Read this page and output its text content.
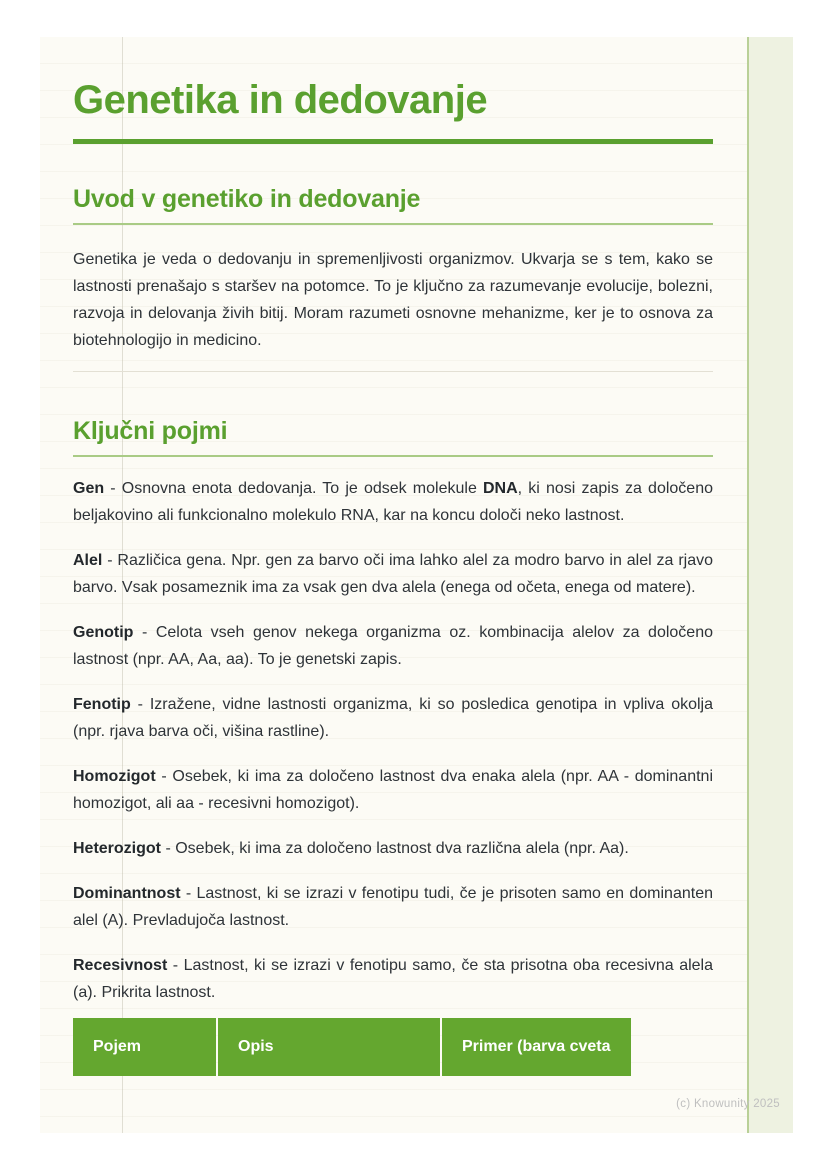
Genetika in dedovanje
Uvod v genetiko in dedovanje

Genetika je veda o dedovanju in spremenljivosti organizmov. Ukvarja se s tem, kako se lastnosti prenašajo s staršev na potomce. To je ključno za razumevanje evolucije, bolezni, razvoja in delovanja živih bitij. Moram razumeti osnovne mehanizme, ker je to osnova za biotehnologijo in medicino.

Ključni pojmi

Gen - Osnovna enota dedovanja. To je odsek molekule DNA, ki nosi zapis za določeno beljakovino ali funkcionalno molekulo RNA, kar na koncu določi neko lastnost.

Alel - Različica gena. Npr. gen za barvo oči ima lahko alel za modro barvo in alel za rjavo barvo. Vsak posameznik ima za vsak gen dva alela (enega od očeta, enega od matere).

Genotip - Celota vseh genov nekega organizma oz. kombinacija alelov za določeno lastnost (npr. AA, Aa, aa). To je genetski zapis.

Fenotip - Izražene, vidne lastnosti organizma, ki so posledica genotipa in vpliva okolja (npr. rjava barva oči, višina rastline).

Homozigot - Osebek, ki ima za določeno lastnost dva enaka alela (npr. AA - dominantni homozigot, ali aa - recesivni homozigot).

Heterozigot - Osebek, ki ima za določeno lastnost dva različna alela (npr. Aa).

Dominantnost - Lastnost, ki se izrazi v fenotipu tudi, če je prisoten samo en dominanten alel (A). Prevladujoča lastnost.

Recesivnost - Lastnost, ki se izrazi v fenotipu samo, če sta prisotna oba recesivna alela (a). Prikrita lastnost.

Pojem	Opis	Primer (barva cveta
(c) Knowunity 2025
